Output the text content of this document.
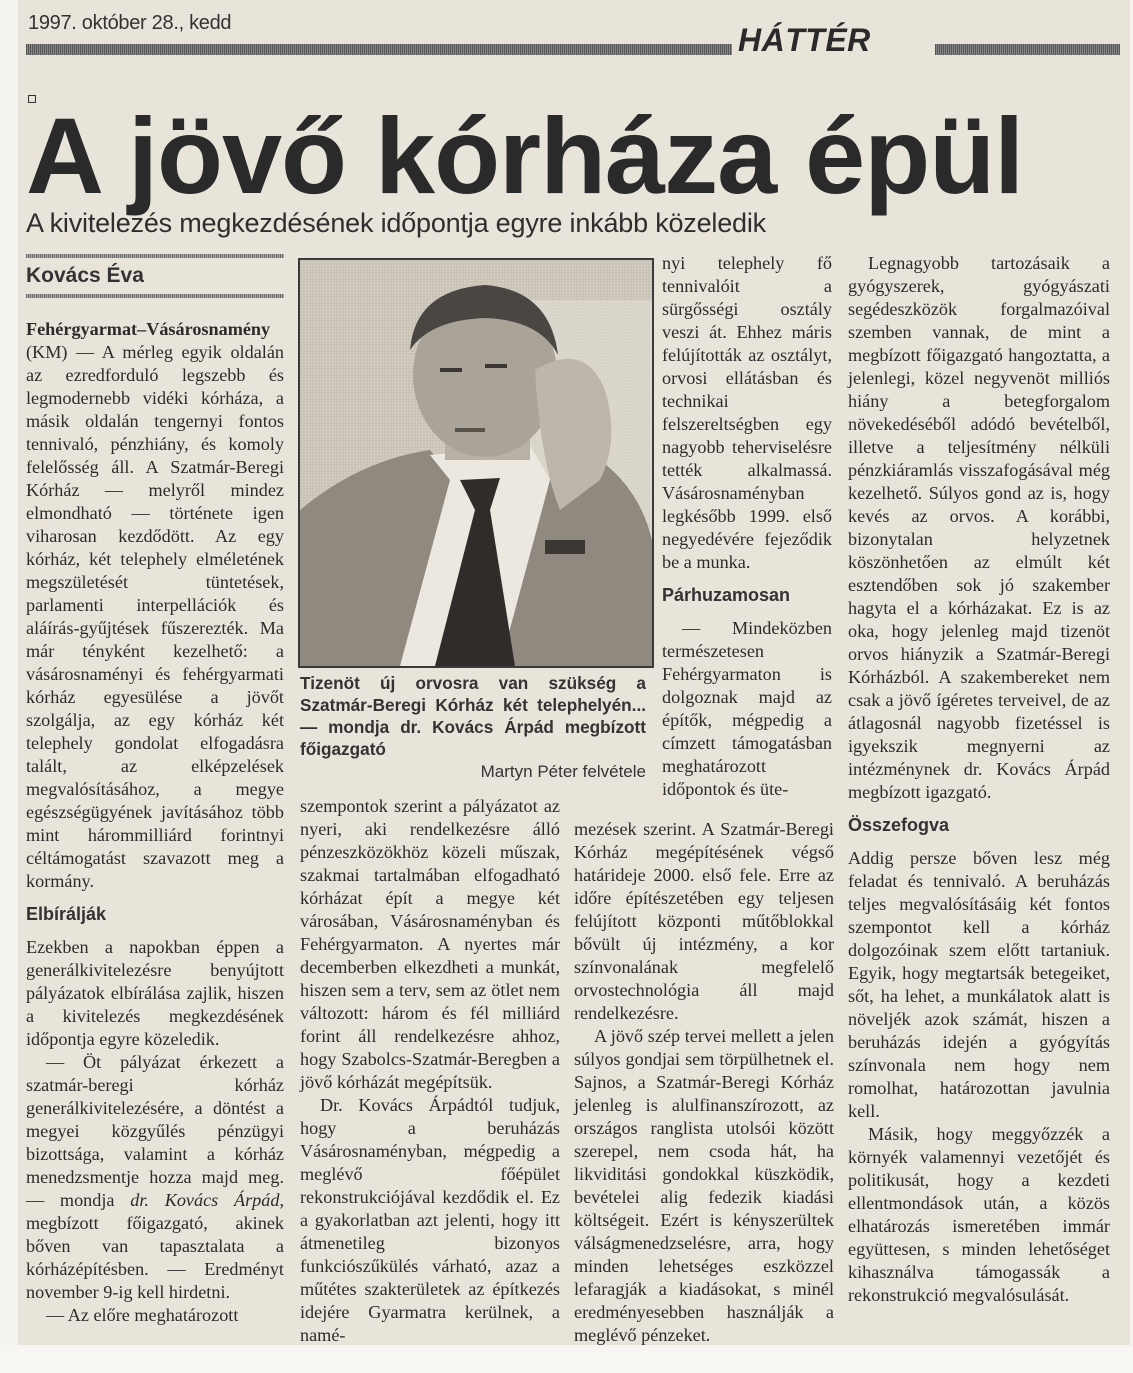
1997. október 28., kedd	HÁTTÉR
A jövő kórháza épül
A kivitelezés megkezdésének időpontja egyre inkább közeledik
Kovács Éva

Fehérgyarmat–Vásárosnamény (KM) — A mérleg egyik oldalán az ezredforduló legszebb és legmodernebb vidéki kórháza, a másik oldalán tengernyi fontos tennivaló, pénzhiány, és komoly felelősség áll. A Szatmár-Beregi Kórház — melyről mindez elmondható — története igen viharosan kezdődött. Az egy kórház, két telephely elméletének megszületését tüntetések, parlamenti interpellációk és aláírás-gyűjtések fűszerezték. Ma már tényként kezelhető: a vásárosnaményi és fehérgyarmati kórház egyesülése a jövőt szolgálja, az egy kórház két telephely gondolat elfogadásra talált, az elképzelések megvalósításához, a megye egészségügyének javításához több mint hárommilliárd forintnyi céltámogatást szavazott meg a kormány.

Elbírálják

Ezekben a napokban éppen a generálkivitelezésre benyújtott pályázatok elbírálása zajlik, hiszen a kivitelezés megkezdésének időpontja egyre közeledik.

— Öt pályázat érkezett a szatmár-beregi kórház generálkivitelezésére, a döntést a megyei közgyűlés pénzügyi bizottsága, valamint a kórház menedzsmentje hozza majd meg. — mondja dr. Kovács Árpád, megbízott főigazgató, akinek bőven van tapasztalata a kórházépítésben. — Eredményt november 9-ig kell hirdetni.

— Az előre meghatározott

Tizenöt új orvosra van szükség a Szatmár-Beregi Kórház két telephelyén... — mondja dr. Kovács Árpád megbízott főigazgató
Martyn Péter felvétele

szempontok szerint a pályázatot az nyeri, aki rendelkezésre álló pénzeszközökhöz közeli műszak, szakmai tartalmában elfogadható kórházat épít a megye két városában, Vásárosnaményban és Fehérgyarmaton. A nyertes már decemberben elkezdheti a munkát, hiszen sem a terv, sem az ötlet nem változott: három és fél milliárd forint áll rendelkezésre ahhoz, hogy Szabolcs-Szatmár-Beregben a jövő kórházát megépítsük.

Dr. Kovács Árpádtól tudjuk, hogy a beruházás Vásárosnaményban, mégpedig a meglévő főépület rekonstrukciójával kezdődik el. Ez a gyakorlatban azt jelenti, hogy itt átmenetileg bizonyos funkciószűkülés várható, azaz a műtétes szakterületek az építkezés idejére Gyarmatra kerülnek, a namé-

nyi telephely fő tennivalóit a sürgősségi osztály veszi át. Ehhez máris felújították az osztályt, orvosi ellátásban és technikai felszereltségben egy nagyobb teherviselésre tették alkalmassá. Vásárosnaményban legkésőbb 1999. első negyedévére fejeződik be a munka.

Párhuzamosan

— Mindeközben természetesen Fehérgyarmaton is dolgoznak majd az építők, mégpedig a címzett támogatásban meghatározott időpontok és üte-

mezések szerint. A Szatmár-Beregi Kórház megépítésének végső határideje 2000. első fele. Erre az időre építészetében egy teljesen felújított központi műtőblokkal bővült új intézmény, a kor színvonalának megfelelő orvostechnológia áll majd rendelkezésre.

A jövő szép tervei mellett a jelen súlyos gondjai sem törpülhetnek el. Sajnos, a Szatmár-Beregi Kórház jelenleg is alulfinanszírozott, az országos ranglista utolsói között szerepel, nem csoda hát, ha likviditási gondokkal küszködik, bevételei alig fedezik kiadási költségeit. Ezért is kényszerültek válságmenedzselésre, arra, hogy minden lehetséges eszközzel lefaragják a kiadásokat, s minél eredményesebben használják a meglévő pénzeket.

Legnagyobb tartozásaik a gyógyszerek, gyógyászati segédeszközök forgalmazóival szemben vannak, de mint a megbízott főigazgató hangoztatta, a jelenlegi, közel negyvenöt milliós hiány a betegforgalom növekedéséből adódó bevételből, illetve a teljesítmény nélküli pénzkiáramlás visszafogásával még kezelhető. Súlyos gond az is, hogy kevés az orvos. A korábbi, bizonytalan helyzetnek köszönhetően az elmúlt két esztendőben sok jó szakember hagyta el a kórházakat. Ez is az oka, hogy jelenleg majd tizenöt orvos hiányzik a Szatmár-Beregi Kórházból. A szakembereket nem csak a jövő ígéretes terveivel, de az átlagosnál nagyobb fizetéssel is igyekszik megnyerni az intézménynek dr. Kovács Árpád megbízott igazgató.

Összefogva

Addig persze bőven lesz még feladat és tennivaló. A beruházás teljes megvalósításáig két fontos szempontot kell a kórház dolgozóinak szem előtt tartaniuk. Egyik, hogy megtartsák betegeiket, sőt, ha lehet, a munkálatok alatt is növeljék azok számát, hiszen a beruházás idején a gyógyítás színvonala nem hogy nem romolhat, határozottan javulnia kell.

Másik, hogy meggyőzzék a környék valamennyi vezetőjét és politikusát, hogy a kezdeti ellentmondások után, a közös elhatározás ismeretében immár együttesen, s minden lehetőséget kihasználva támogassák a rekonstrukció megvalósulását.
